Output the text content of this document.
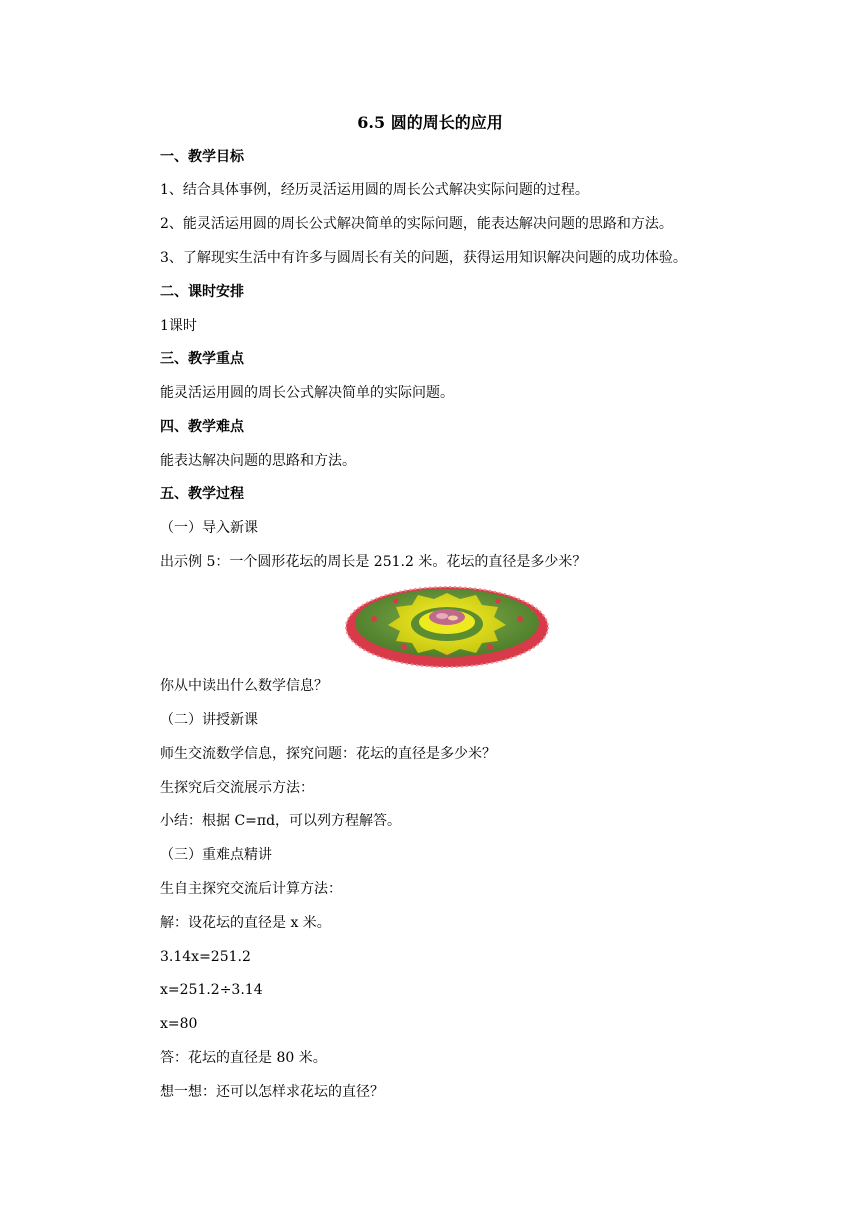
6.5 圆的周长的应用
一、教学目标
1、结合具体事例，经历灵活运用圆的周长公式解决实际问题的过程。
2、能灵活运用圆的周长公式解决简单的实际问题，能表达解决问题的思路和方法。
3、了解现实生活中有许多与圆周长有关的问题，获得运用知识解决问题的成功体验。
二、课时安排
1课时
三、教学重点
能灵活运用圆的周长公式解决简单的实际问题。
四、教学难点
能表达解决问题的思路和方法。
五、教学过程
（一）导入新课
出示例 5：一个圆形花坛的周长是 251.2 米。花坛的直径是多少米？
你从中读出什么数学信息？
（二）讲授新课
师生交流数学信息，探究问题：花坛的直径是多少米？
生探究后交流展示方法：
小结：根据 C=πd，可以列方程解答。
（三）重难点精讲
生自主探究交流后计算方法：
解：设花坛的直径是 x 米。
3.14x=251.2
x=251.2÷3.14
x=80
答：花坛的直径是 80 米。
想一想：还可以怎样求花坛的直径？
